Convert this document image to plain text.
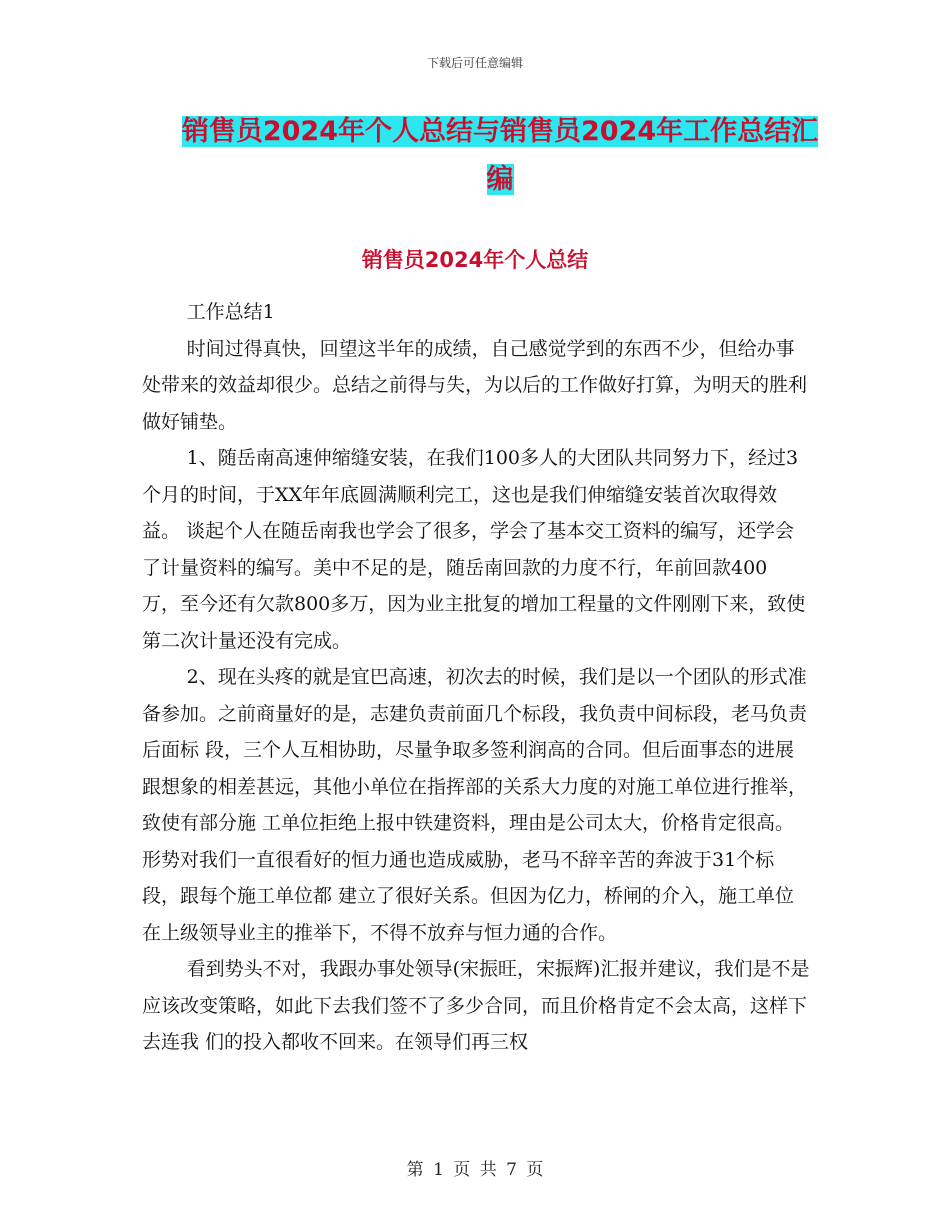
下载后可任意编辑
销售员2024年个人总结与销售员2024年工作总结汇
编
销售员2024年个人总结

工作总结1

时间过得真快，回望这半年的成绩，自己感觉学到的东西不少，但给办事处带来的效益却很少。总结之前得与失，为以后的工作做好打算，为明天的胜利做好铺垫。

1、随岳南高速伸缩缝安装，在我们100多人的大团队共同努力下，经过3个月的时间，于XX年年底圆满顺利完工，这也是我们伸缩缝安装首次取得效益。 谈起个人在随岳南我也学会了很多，学会了基本交工资料的编写，还学会了计量资料的编写。美中不足的是，随岳南回款的力度不行，年前回款400 万，至今还有欠款800多万，因为业主批复的增加工程量的文件刚刚下来，致使第二次计量还没有完成。

2、现在头疼的就是宜巴高速，初次去的时候，我们是以一个团队的形式准备参加。之前商量好的是，志建负责前面几个标段，我负责中间标段，老马负责后面标 段，三个人互相协助，尽量争取多签利润高的合同。但后面事态的进展跟想象的相差甚远，其他小单位在指挥部的关系大力度的对施工单位进行推举，致使有部分施 工单位拒绝上报中铁建资料，理由是公司太大，价格肯定很高。形势对我们一直很看好的恒力通也造成威胁，老马不辞辛苦的奔波于31个标段，跟每个施工单位都 建立了很好关系。但因为亿力，桥闸的介入，施工单位在上级领导业主的推举下，不得不放弃与恒力通的合作。

看到势头不对，我跟办事处领导(宋振旺，宋振辉)汇报并建议，我们是不是应该改变策略，如此下去我们签不了多少合同，而且价格肯定不会太高，这样下去连我 们的投入都收不回来。在领导们再三权

第 1 页 共 7 页
